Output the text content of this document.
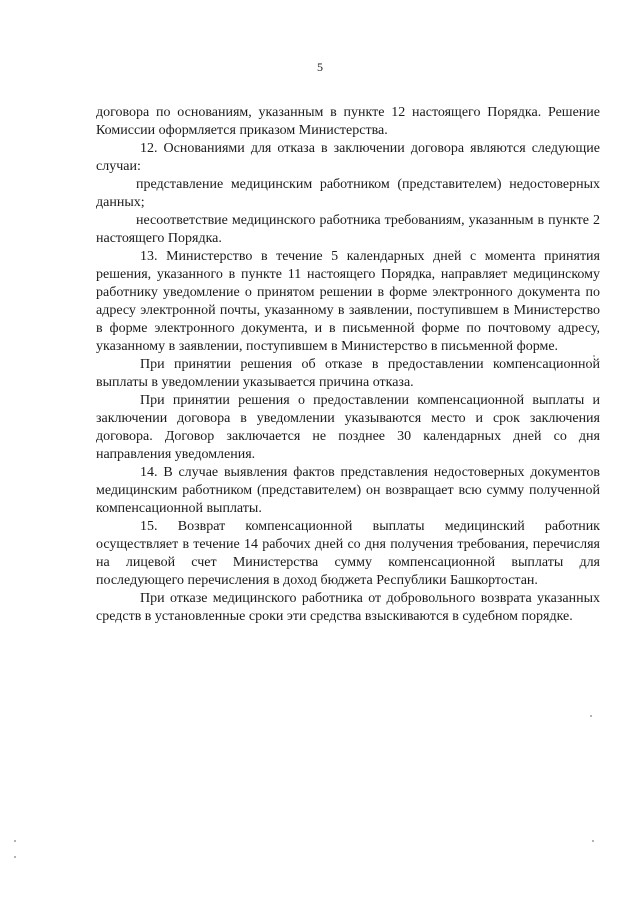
5

договора по основаниям, указанным в пункте 12 настоящего Порядка. Решение Комиссии оформляется приказом Министерства.

12. Основаниями для отказа в заключении договора являются следующие случаи:

представление медицинским работником (представителем) недостоверных данных;

несоответствие медицинского работника требованиям, указанным в пункте 2 настоящего Порядка.

13. Министерство в течение 5 календарных дней с момента принятия решения, указанного в пункте 11 настоящего Порядка, направляет медицинскому работнику уведомление о принятом решении в форме электронного документа по адресу электронной почты, указанному в заявлении, поступившем в Министерство в форме электронного документа, и в письменной форме по почтовому адресу, указанному в заявлении, поступившем в Министерство в письменной форме.

При принятии решения об отказе в предоставлении компенсационной выплаты в уведомлении указывается причина отказа.

При принятии решения о предоставлении компенсационной выплаты и заключении договора в уведомлении указываются место и срок заключения договора. Договор заключается не позднее 30 календарных дней со дня направления уведомления.

14. В случае выявления фактов представления недостоверных документов медицинским работником (представителем) он возвращает всю сумму полученной компенсационной выплаты.

15. Возврат компенсационной выплаты медицинский работник осуществляет в течение 14 рабочих дней со дня получения требования, перечисляя на лицевой счет Министерства сумму компенсационной выплаты для последующего перечисления в доход бюджета Республики Башкортостан.

При отказе медицинского работника от добровольного возврата указанных средств в установленные сроки эти средства взыскиваются в судебном порядке.
